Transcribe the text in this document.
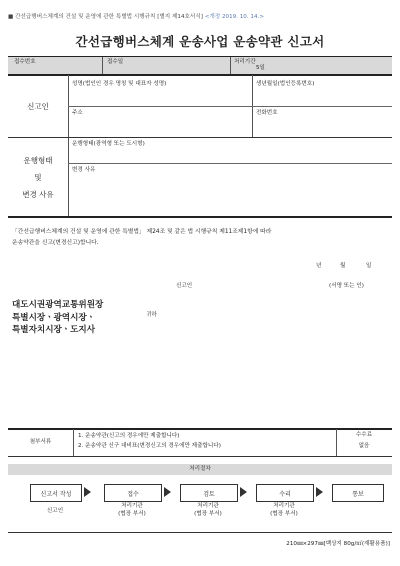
■ 간선급행버스체계의 건설 및 운영에 관한 특별법 시행규칙 [별지 제14호서식] <개정 2019. 10. 14.>
간선급행버스체계 운송사업 운송약관 신고서
접수번호	접수일	처리기간
5일
신고인
성명(법인인 경우 명칭 및 대표자 성명)	생년월일(법인등록번호)
주소	전화번호
운행형태
및
변경 사유
운행형태(광역형 또는 도시형)
변경 사유
「간선급행버스체계의 건설 및 운영에 관한 특별법」 제24조 및 같은 법 시행규칙 제11조제1항에 따라
운송약관을 신고(변경신고)합니다.
년	월	일
신고인	(서명 또는 인)
대도시권광역교통위원장
특별시장ㆍ광역시장ㆍ
특별자치시장ㆍ도지사
귀하
첨부서류
1. 운송약관(신고의 경우에만 제출합니다)
2. 운송약관 신구 대비표(변경신고의 경우에만 제출합니다)
수수료
없음
처리절차
신고서 작성	접수	검토	수리	통보
신고인
처리기관
(협장 부서)
처리기관
(협장 부서)
처리기관
(협장 부서)
210㎜×297㎜[백상지 80g/㎡(재활용품)]
